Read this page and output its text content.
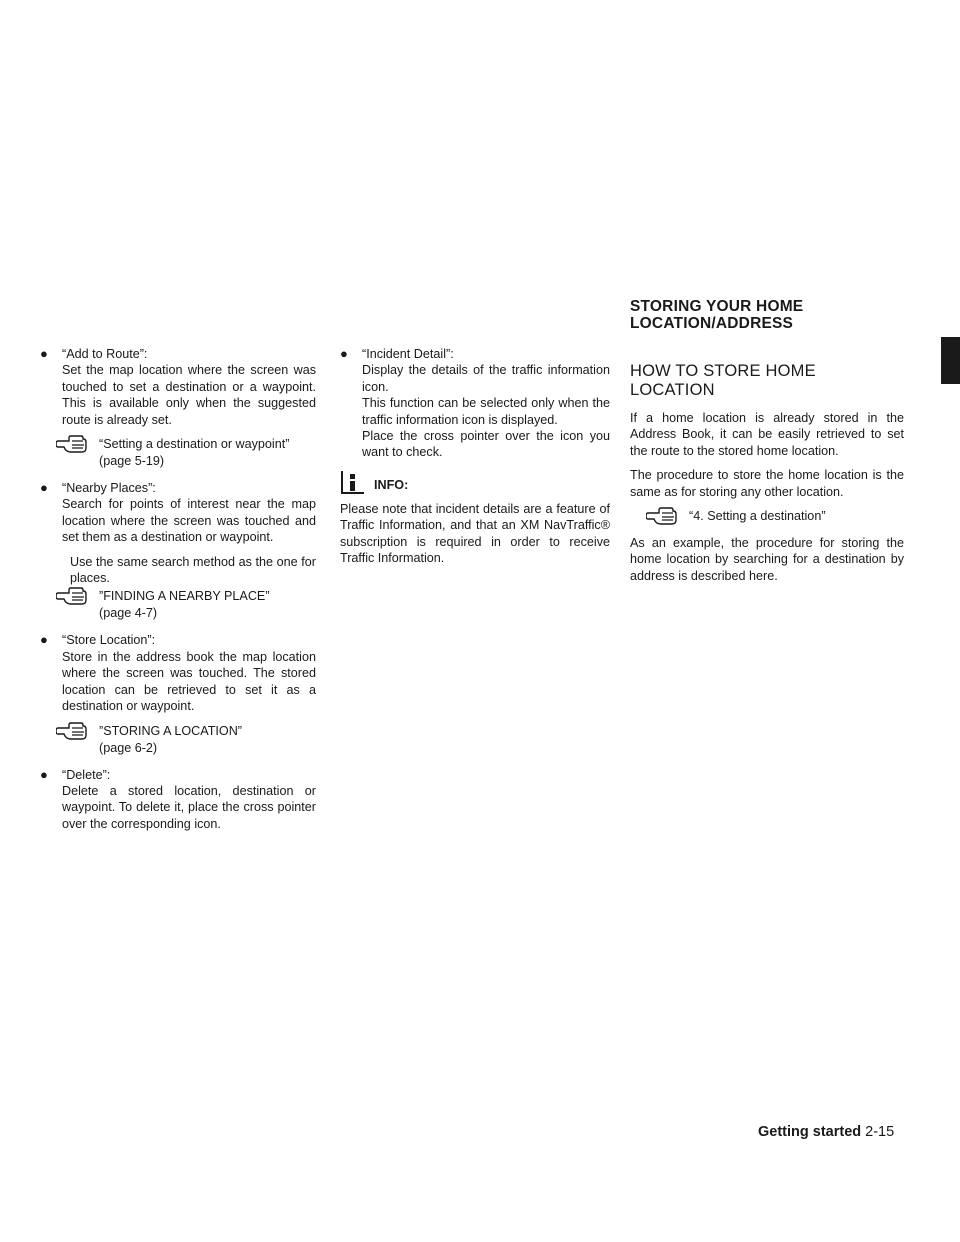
● “Add to Route”:
Set the map location where the screen was touched to set a destination or a waypoint. This is available only when the suggested route is already set.
“Setting a destination or waypoint”
(page 5-19)
● “Nearby Places”:
Search for points of interest near the map location where the screen was touched and set them as a destination or waypoint.
Use the same search method as the one for places.
”FINDING A NEARBY PLACE”
(page 4-7)
● “Store Location”:
Store in the address book the map location where the screen was touched. The stored location can be retrieved to set it as a destination or waypoint.
”STORING A LOCATION”
(page 6-2)
● “Delete”:
Delete a stored location, destination or waypoint. To delete it, place the cross pointer over the corresponding icon.
● “Incident Detail”:
Display the details of the traffic information icon.
This function can be selected only when the traffic information icon is displayed.
Place the cross pointer over the icon you want to check.
INFO:

Please note that incident details are a feature of Traffic Information, and that an XM NavTraffic® subscription is required in order to receive Traffic Information.

STORING YOUR HOME
LOCATION/ADDRESS
HOW TO STORE HOME LOCATION

If a home location is already stored in the Address Book, it can be easily retrieved to set the route to the stored home location.

The procedure to store the home location is the same as for storing any other location.

“4. Setting a destination”

As an example, the procedure for storing the home location by searching for a destination by address is described here.

Getting started 2-15
